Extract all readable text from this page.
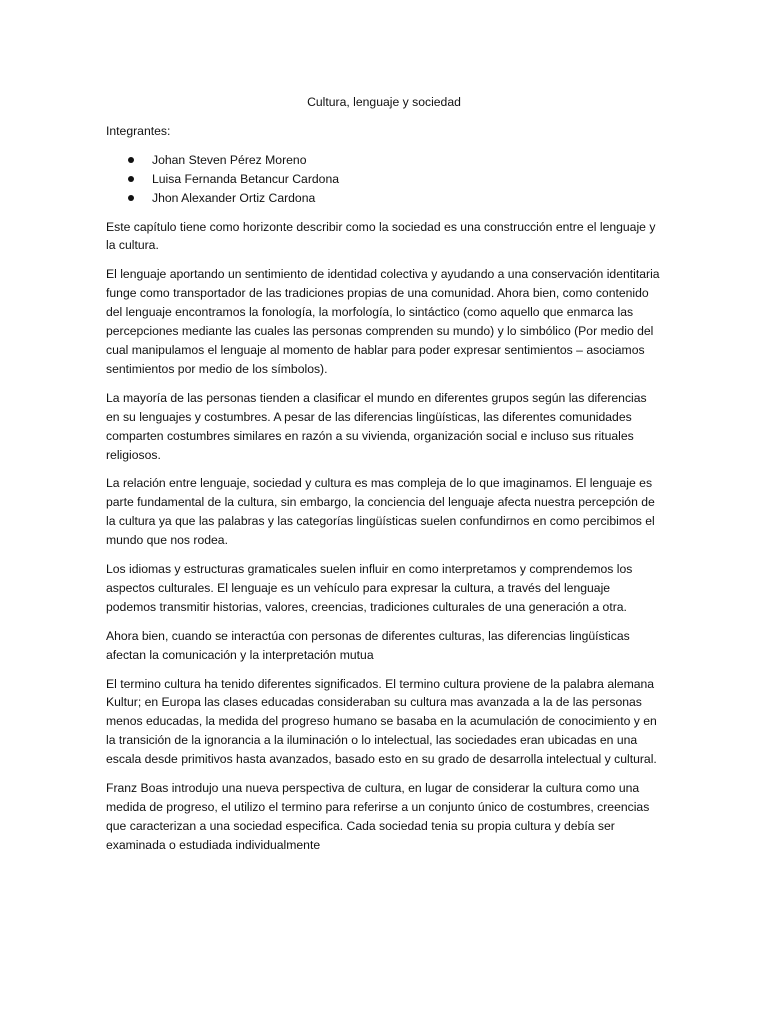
Cultura, lenguaje y sociedad

Integrantes:

Johan Steven Pérez Moreno
Luisa Fernanda Betancur Cardona
Jhon Alexander Ortiz Cardona

Este capítulo tiene como horizonte describir como la sociedad es una construcción entre el lenguaje y la cultura.

El lenguaje aportando un sentimiento de identidad colectiva y ayudando a una conservación identitaria funge como transportador de las tradiciones propias de una comunidad. Ahora bien, como contenido del lenguaje encontramos la fonología, la morfología, lo sintáctico (como aquello que enmarca las percepciones mediante las cuales las personas comprenden su mundo) y lo simbólico (Por medio del cual manipulamos el lenguaje al momento de hablar para poder expresar sentimientos – asociamos sentimientos por medio de los símbolos).

La mayoría de las personas tienden a clasificar el mundo en diferentes grupos según las diferencias en su lenguajes y costumbres. A pesar de las diferencias lingüísticas, las diferentes comunidades comparten costumbres similares en razón a su vivienda, organización social e incluso sus rituales religiosos.

La relación entre lenguaje, sociedad y cultura es mas compleja de lo que imaginamos. El lenguaje es parte fundamental de la cultura, sin embargo, la conciencia del lenguaje afecta nuestra percepción de la cultura ya que las palabras y las categorías lingüísticas suelen confundirnos en como percibimos el mundo que nos rodea.

Los idiomas y estructuras gramaticales suelen influir en como interpretamos y comprendemos los aspectos culturales. El lenguaje es un vehículo para expresar la cultura, a través del lenguaje podemos transmitir historias, valores, creencias, tradiciones culturales de una generación a otra.

Ahora bien, cuando se interactúa con personas de diferentes culturas, las diferencias lingüísticas afectan la comunicación y la interpretación mutua

El termino cultura ha tenido diferentes significados. El termino cultura proviene de la palabra alemana Kultur; en Europa las clases educadas consideraban su cultura mas avanzada a la de las personas menos educadas, la medida del progreso humano se basaba en la acumulación de conocimiento y en la transición de la ignorancia a la iluminación o lo intelectual, las sociedades eran ubicadas en una escala desde primitivos hasta avanzados, basado esto en su grado de desarrolla intelectual y cultural.

Franz Boas introdujo una nueva perspectiva de cultura, en lugar de considerar la cultura como una medida de progreso, el utilizo el termino para referirse a un conjunto único de costumbres, creencias que caracterizan a una sociedad especifica. Cada sociedad tenia su propia cultura y debía ser examinada o estudiada individualmente
